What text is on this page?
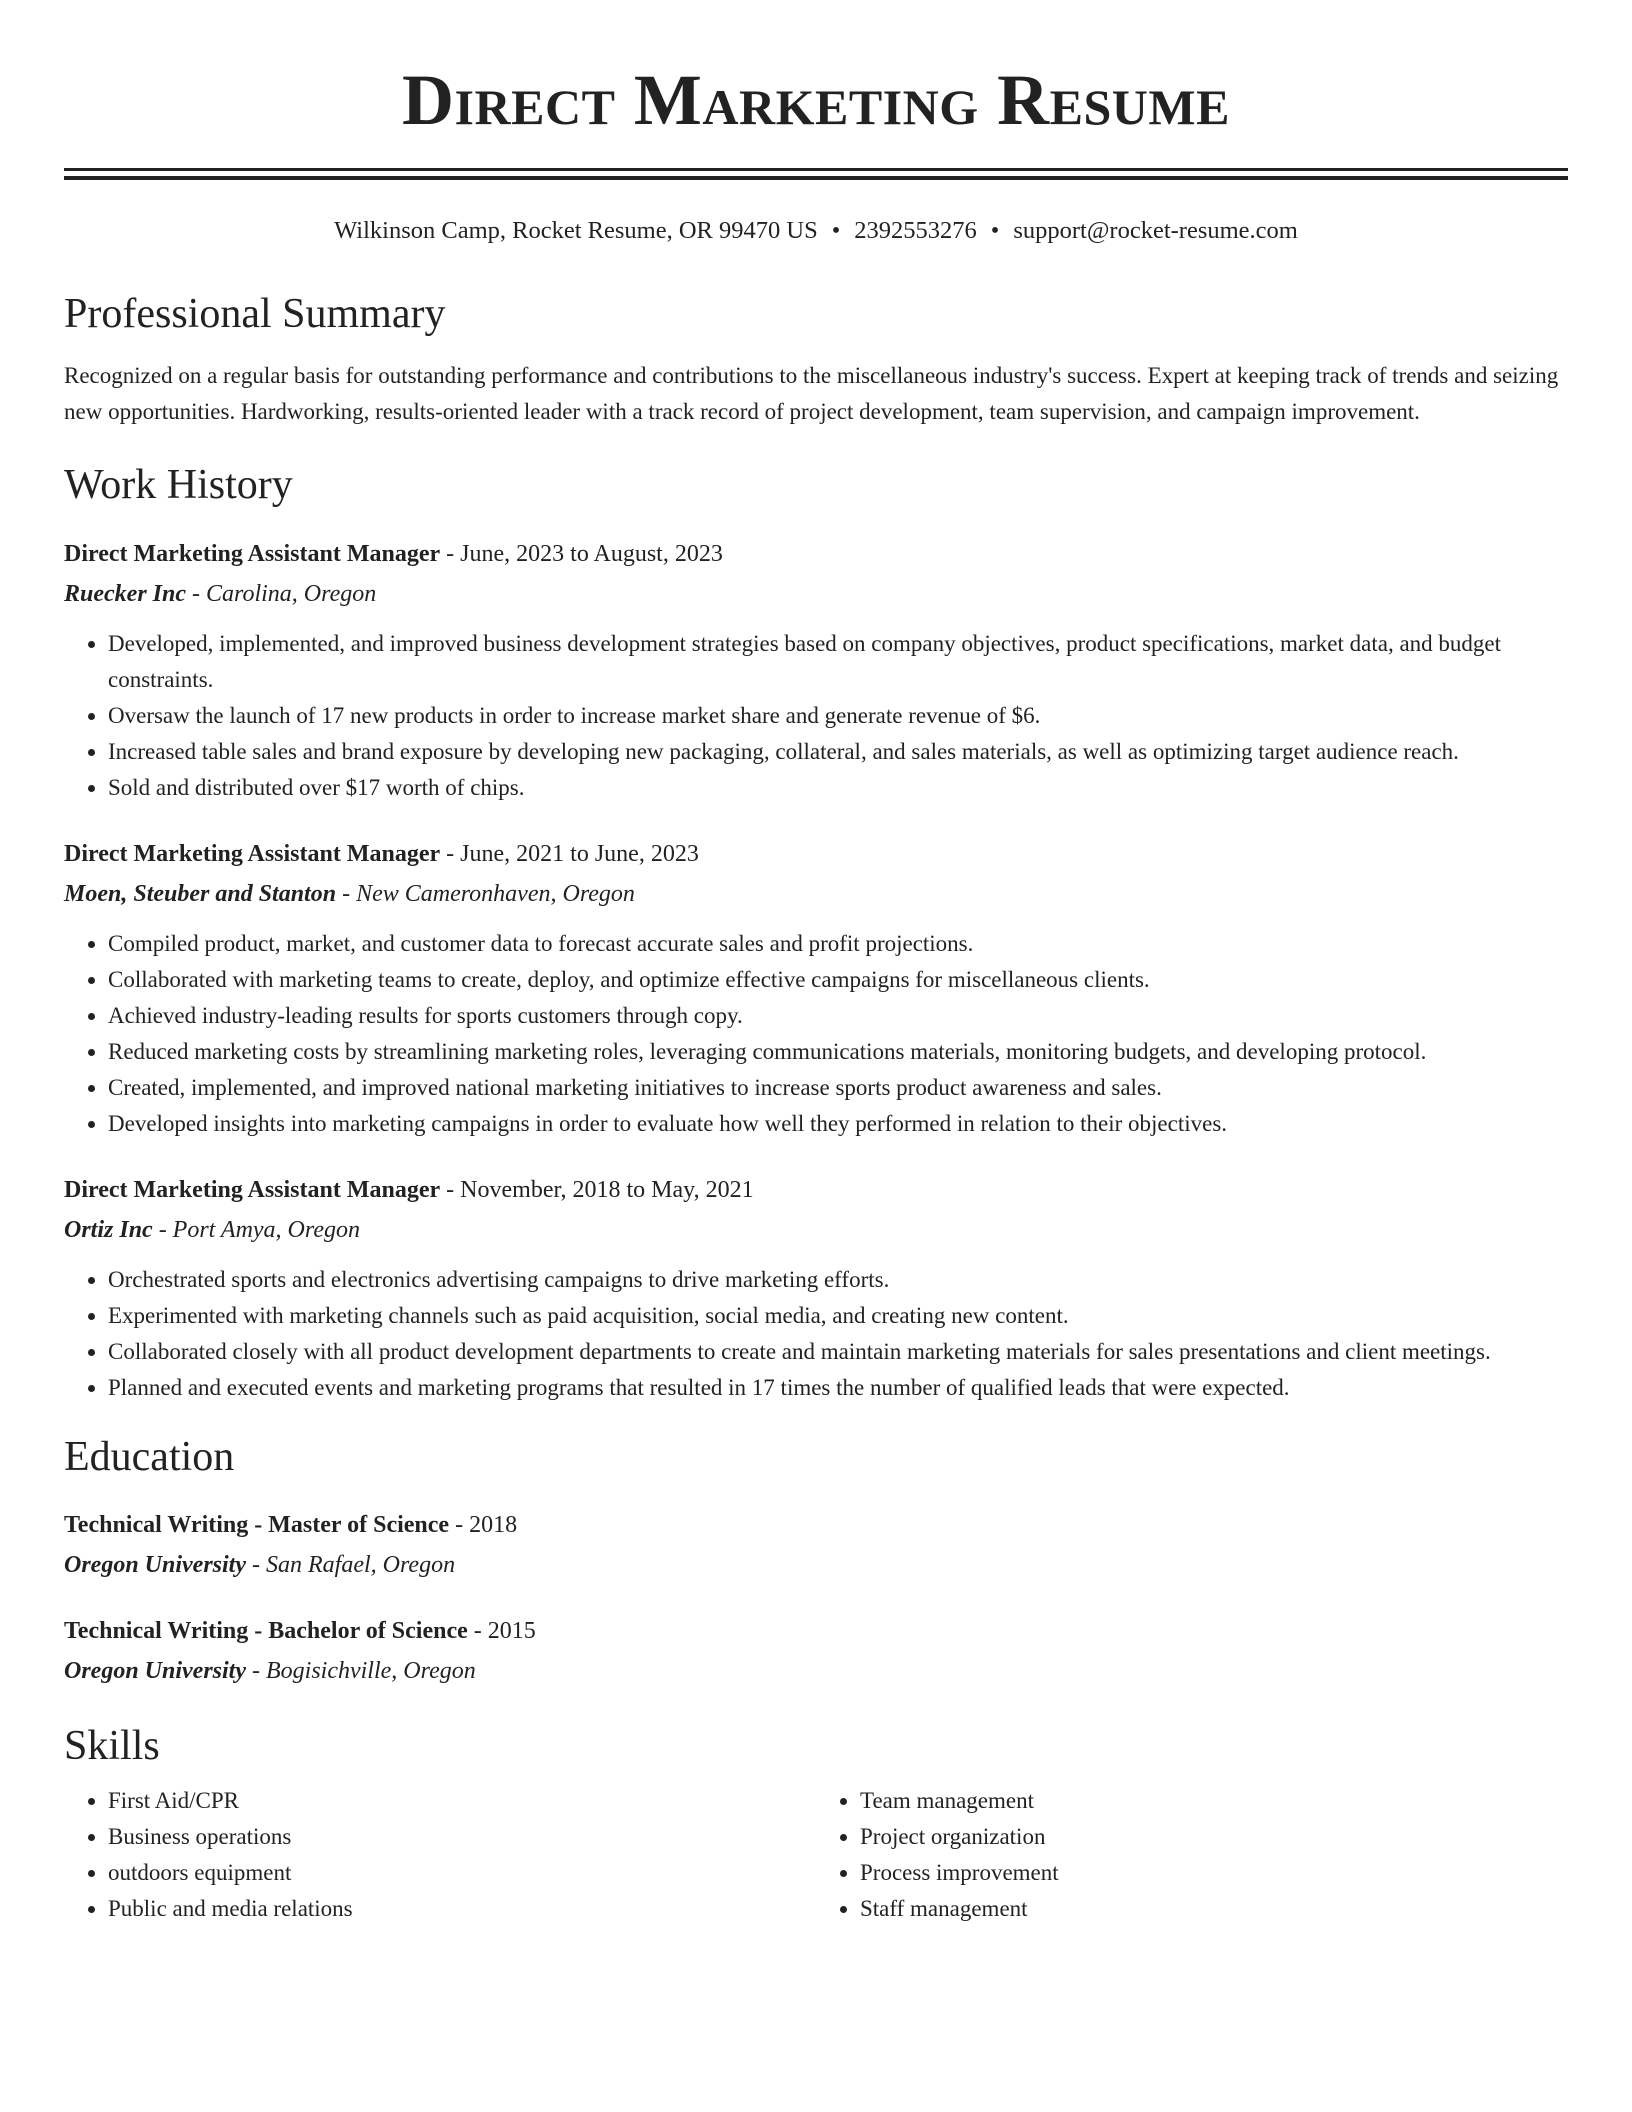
Direct Marketing Resume
Wilkinson Camp, Rocket Resume, OR 99470 US • 2392553276 • support@rocket-resume.com
Professional Summary

Recognized on a regular basis for outstanding performance and contributions to the miscellaneous industry's success. Expert at keeping track of trends and seizing new opportunities. Hardworking, results-oriented leader with a track record of project development, team supervision, and campaign improvement.

Work History
Direct Marketing Assistant Manager - June, 2023 to August, 2023
Ruecker Inc - Carolina, Oregon
• Developed, implemented, and improved business development strategies based on company objectives, product specifications, market data, and budget constraints.
• Oversaw the launch of 17 new products in order to increase market share and generate revenue of $6.
• Increased table sales and brand exposure by developing new packaging, collateral, and sales materials, as well as optimizing target audience reach.
• Sold and distributed over $17 worth of chips.
Direct Marketing Assistant Manager - June, 2021 to June, 2023
Moen, Steuber and Stanton - New Cameronhaven, Oregon
• Compiled product, market, and customer data to forecast accurate sales and profit projections.
• Collaborated with marketing teams to create, deploy, and optimize effective campaigns for miscellaneous clients.
• Achieved industry-leading results for sports customers through copy.
• Reduced marketing costs by streamlining marketing roles, leveraging communications materials, monitoring budgets, and developing protocol.
• Created, implemented, and improved national marketing initiatives to increase sports product awareness and sales.
• Developed insights into marketing campaigns in order to evaluate how well they performed in relation to their objectives.
Direct Marketing Assistant Manager - November, 2018 to May, 2021
Ortiz Inc - Port Amya, Oregon
• Orchestrated sports and electronics advertising campaigns to drive marketing efforts.
• Experimented with marketing channels such as paid acquisition, social media, and creating new content.
• Collaborated closely with all product development departments to create and maintain marketing materials for sales presentations and client meetings.
• Planned and executed events and marketing programs that resulted in 17 times the number of qualified leads that were expected.
Education
Technical Writing - Master of Science - 2018
Oregon University - San Rafael, Oregon
Technical Writing - Bachelor of Science - 2015
Oregon University - Bogisichville, Oregon
Skills
• First Aid/CPR
• Business operations
• outdoors equipment
• Public and media relations
• Team management
• Project organization
• Process improvement
• Staff management
